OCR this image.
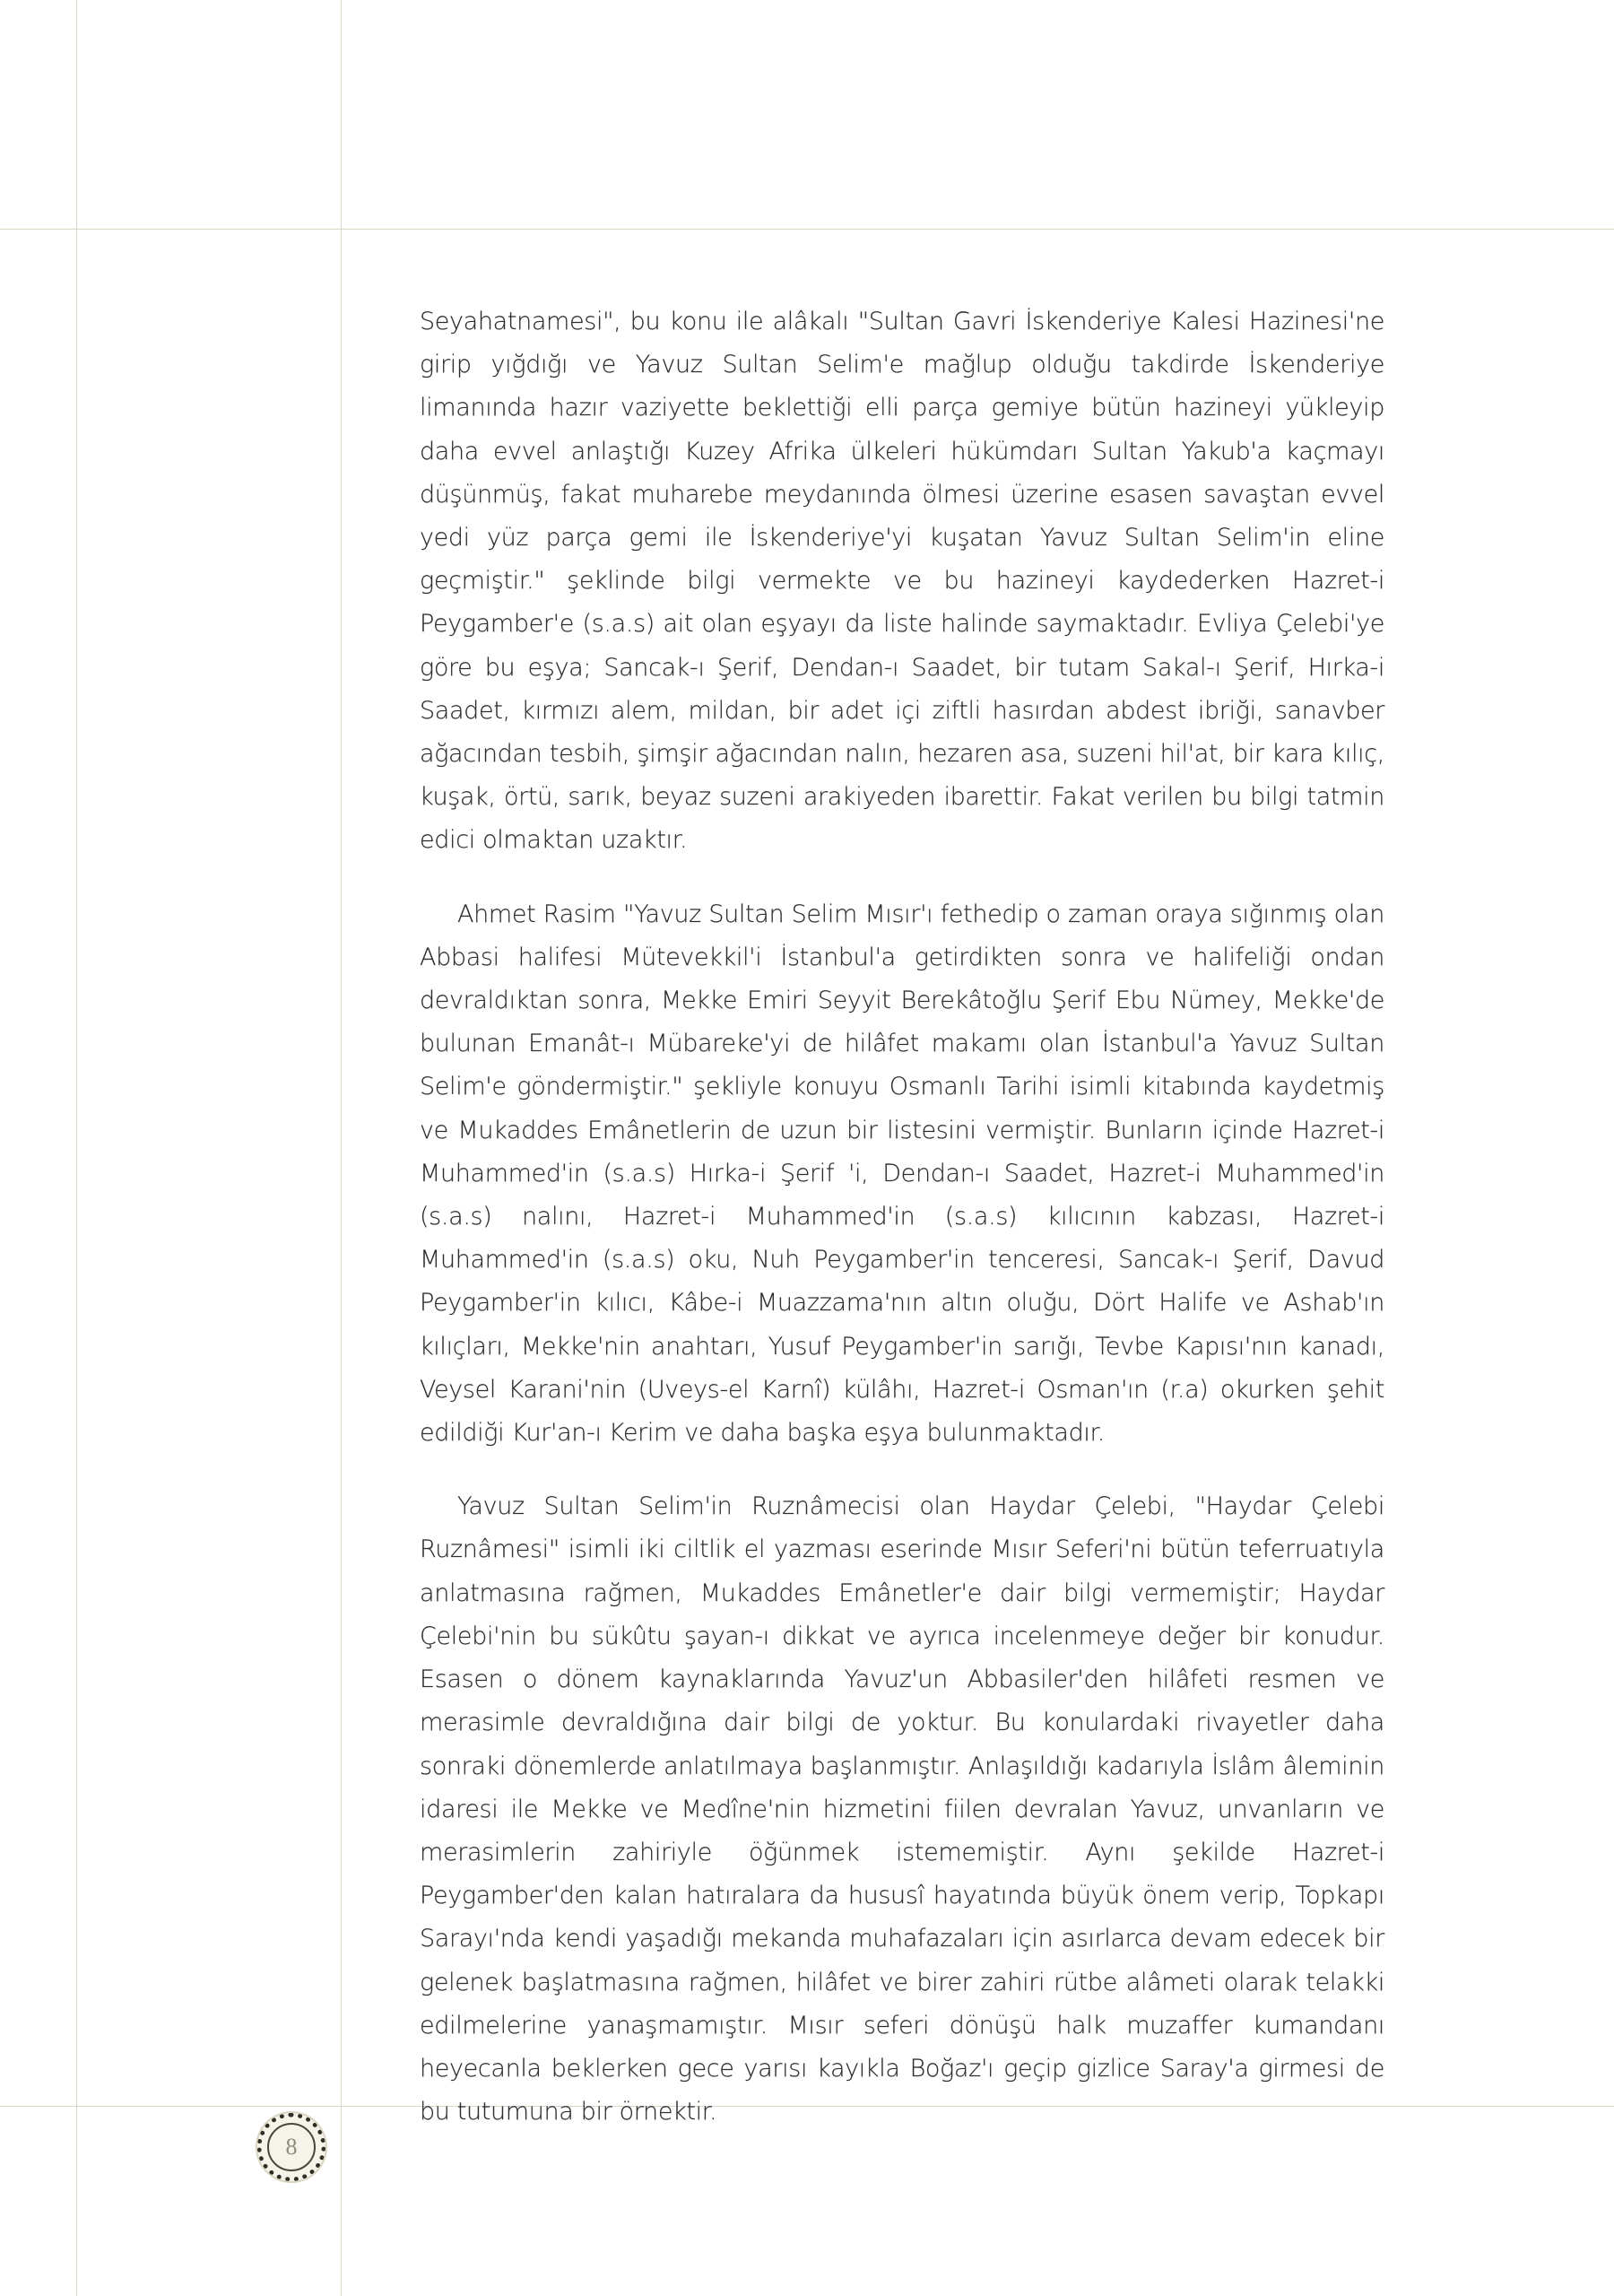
Seyahatnamesi", bu konu ile alâkalı "Sultan Gavri İskenderiye Kalesi Hazinesi'ne girip yığdığı ve Yavuz Sultan Selim'e mağlup olduğu takdirde İskenderiye limanında hazır vaziyette beklettiği elli parça gemiye bütün hazineyi yükleyip daha evvel anlaştığı Kuzey Afrika ülkeleri hükümdarı Sultan Yakub'a kaçmayı düşünmüş, fakat muharebe meydanında ölmesi üzerine esasen savaştan evvel yedi yüz parça gemi ile İskenderiye'yi kuşatan Yavuz Sultan Selim'in eline geçmiştir." şeklinde bilgi vermekte ve bu hazineyi kaydederken Hazret-i Peygamber'e (s.a.s) ait olan eşyayı da liste halinde saymaktadır. Evliya Çelebi'ye göre bu eşya; Sancak-ı Şerif, Dendan-ı Saadet, bir tutam Sakal-ı Şerif, Hırka-i Saadet, kırmızı alem, mildan, bir adet içi ziftli hasırdan abdest ibriği, sanavber ağacından tesbih, şimşir ağacından nalın, hezaren asa, suzeni hil'at, bir kara kılıç, kuşak, örtü, sarık, beyaz suzeni arakiyeden ibarettir. Fakat verilen bu bilgi tatmin edici olmaktan uzaktır.

Ahmet Rasim "Yavuz Sultan Selim Mısır'ı fethedip o zaman oraya sığınmış olan Abbasi halifesi Mütevekkil'i İstanbul'a getirdikten sonra ve halifeliği ondan devraldıktan sonra, Mekke Emiri Seyyit Berekâtoğlu Şerif Ebu Nümey, Mekke'de bulunan Emanât-ı Mübareke'yi de hilâfet makamı olan İstanbul'a Yavuz Sultan Selim'e göndermiştir." şekliyle konuyu Osmanlı Tarihi isimli kitabında kaydetmiş ve Mukaddes Emânetlerin de uzun bir listesini vermiştir. Bunların içinde Hazret-i Muhammed'in (s.a.s) Hırka-i Şerif 'i, Dendan-ı Saadet, Hazret-i Muhammed'in (s.a.s) nalını, Hazret-i Muhammed'in (s.a.s) kılıcının kabzası, Hazret-i Muhammed'in (s.a.s) oku, Nuh Peygamber'in tenceresi, Sancak-ı Şerif, Davud Peygamber'in kılıcı, Kâbe-i Muazzama'nın altın oluğu, Dört Halife ve Ashab'ın kılıçları, Mekke'nin anahtarı, Yusuf Peygamber'in sarığı, Tevbe Kapısı'nın kanadı, Veysel Karani'nin (Uveys-el Karnî) külâhı, Hazret-i Osman'ın (r.a) okurken şehit edildiği Kur'an-ı Kerim ve daha başka eşya bulunmaktadır.

Yavuz Sultan Selim'in Ruznâmecisi olan Haydar Çelebi, "Haydar Çelebi Ruznâmesi" isimli iki ciltlik el yazması eserinde Mısır Seferi'ni bütün teferruatıyla anlatmasına rağmen, Mukaddes Emânetler'e dair bilgi vermemiştir; Haydar Çelebi'nin bu sükûtu şayan-ı dikkat ve ayrıca incelenmeye değer bir konudur. Esasen o dönem kaynaklarında Yavuz'un Abbasiler'den hilâfeti resmen ve merasimle devraldığına dair bilgi de yoktur. Bu konulardaki rivayetler daha sonraki dönemlerde anlatılmaya başlanmıştır. Anlaşıldığı kadarıyla İslâm âleminin idaresi ile Mekke ve Medîne'nin hizmetini fiilen devralan Yavuz, unvanların ve merasimlerin zahiriyle öğünmek istememiştir. Aynı şekilde Hazret-i Peygamber'den kalan hatıralara da hususî hayatında büyük önem verip, Topkapı Sarayı'nda kendi yaşadığı mekanda muhafazaları için asırlarca devam edecek bir gelenek başlatmasına rağmen, hilâfet ve birer zahiri rütbe alâmeti olarak telakki edilmelerine yanaşmamıştır. Mısır seferi dönüşü halk muzaffer kumandanı heyecanla beklerken gece yarısı kayıkla Boğaz'ı geçip gizlice Saray'a girmesi de bu tutumuna bir örnektir.

8
